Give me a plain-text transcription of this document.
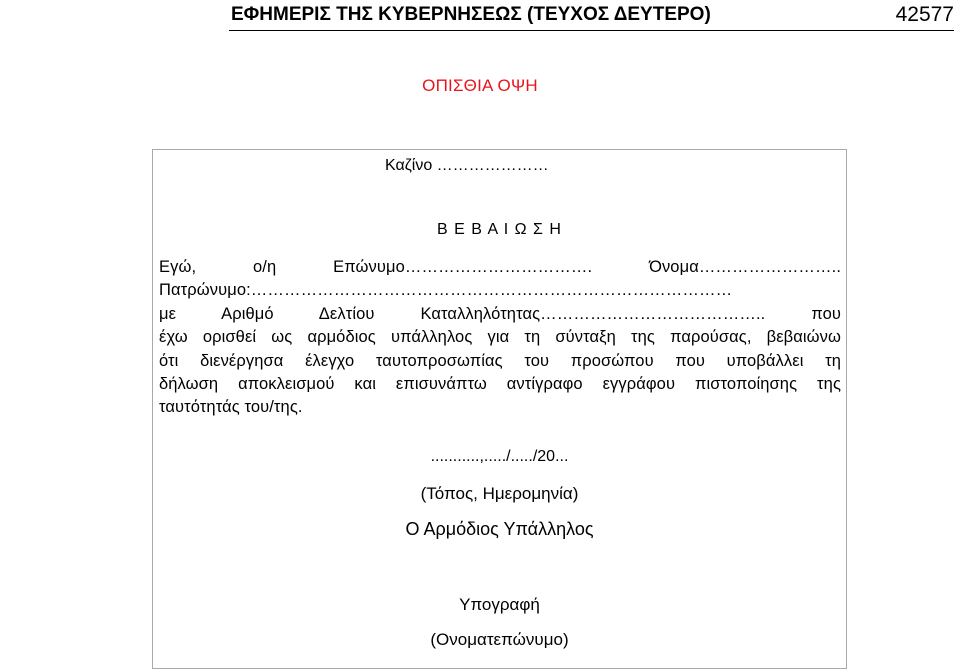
ΕΦΗΜΕΡΙΣ ΤΗΣ ΚΥΒΕΡΝΗΣΕΩΣ (ΤΕΥΧΟΣ ΔΕΥΤΕΡΟ)	42577
ΟΠΙΣΘΙΑ ΟΨΗ
Καζίνο …………………
Β Ε Β Α Ι Ω Σ Η
Εγώ, ο/η Επώνυμο……………………………. Όνομα……………………..
Πατρώνυμο:……………………………………………………………………………
με Αριθμό Δελτίου Καταλληλότητας………………………………….. που
έχω ορισθεί ως αρμόδιος υπάλληλος για τη σύνταξη της παρούσας, βεβαιώνω
ότι διενέργησα έλεγχο ταυτοπροσωπίας του προσώπου που υποβάλλει τη
δήλωση αποκλεισμού και επισυνάπτω αντίγραφο εγγράφου πιστοποίησης της
ταυτότητάς του/της.
...........,...../...../20...
(Τόπος, Ημερομηνία)
Ο Αρμόδιος Υπάλληλος
Υπογραφή
(Ονοματεπώνυμο)
